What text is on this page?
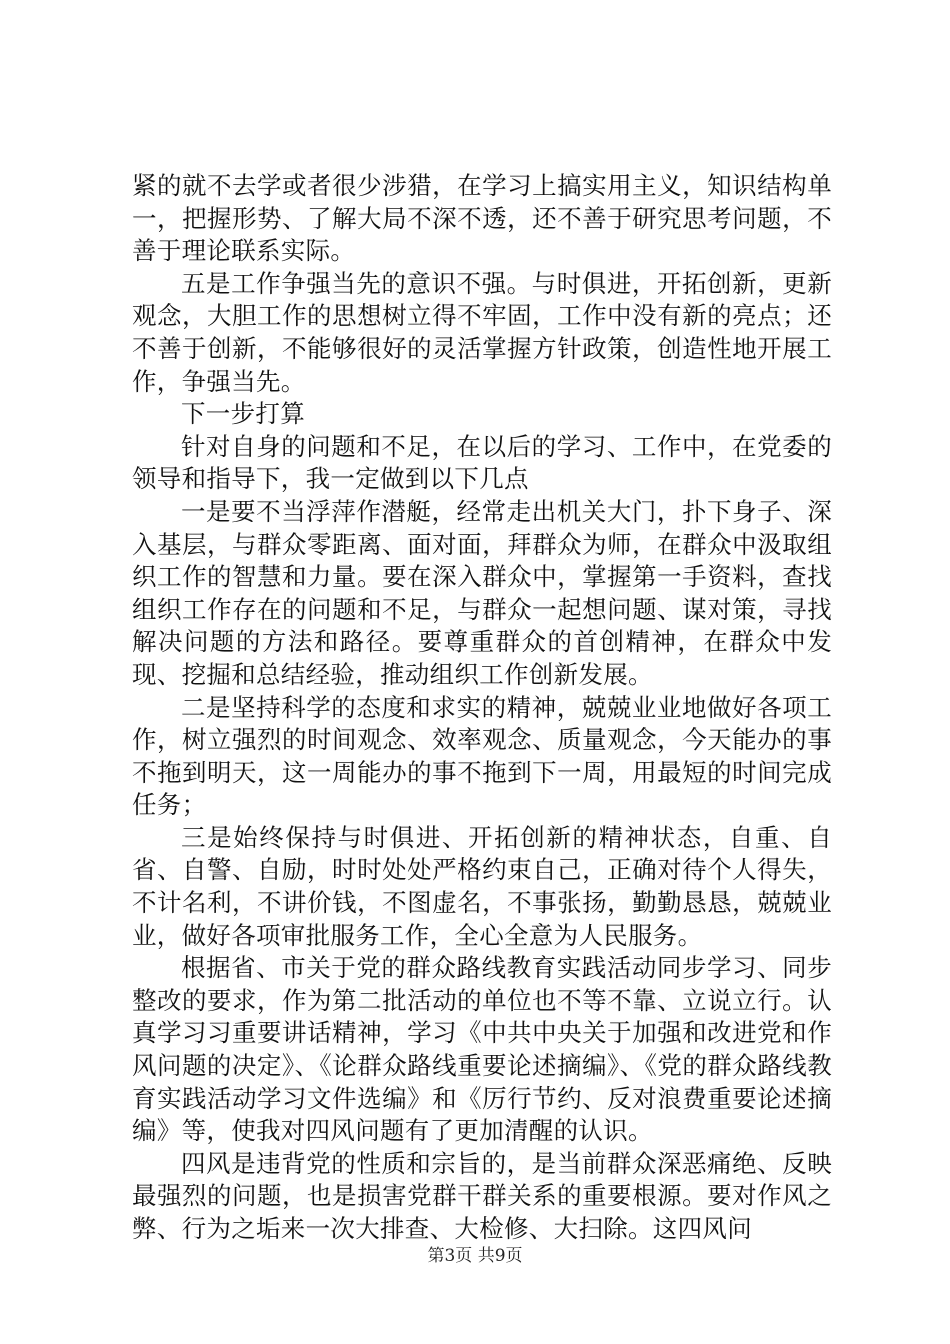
紧的就不去学或者很少涉猎，在学习上搞实用主义，知识结构单一，把握形势、了解大局不深不透，还不善于研究思考问题，不善于理论联系实际。

五是工作争强当先的意识不强。与时俱进，开拓创新，更新观念，大胆工作的思想树立得不牢固，工作中没有新的亮点；还不善于创新，不能够很好的灵活掌握方针政策，创造性地开展工作，争强当先。

下一步打算

针对自身的问题和不足，在以后的学习、工作中，在党委的领导和指导下，我一定做到以下几点

一是要不当浮萍作潜艇，经常走出机关大门，扑下身子、深入基层，与群众零距离、面对面，拜群众为师，在群众中汲取组织工作的智慧和力量。要在深入群众中，掌握第一手资料，查找组织工作存在的问题和不足，与群众一起想问题、谋对策，寻找解决问题的方法和路径。要尊重群众的首创精神，在群众中发现、挖掘和总结经验，推动组织工作创新发展。

二是坚持科学的态度和求实的精神，兢兢业业地做好各项工作，树立强烈的时间观念、效率观念、质量观念，今天能办的事不拖到明天，这一周能办的事不拖到下一周，用最短的时间完成任务；

三是始终保持与时俱进、开拓创新的精神状态，自重、自省、自警、自励，时时处处严格约束自己，正确对待个人得失，不计名利，不讲价钱，不图虚名，不事张扬，勤勤恳恳，兢兢业业，做好各项审批服务工作，全心全意为人民服务。

根据省、市关于党的群众路线教育实践活动同步学习、同步整改的要求，作为第二批活动的单位也不等不靠、立说立行。认真学习习重要讲话精神，学习《中共中央关于加强和改进党和作风问题的决定》、《论群众路线重要论述摘编》、《党的群众路线教育实践活动学习文件选编》和《厉行节约、反对浪费重要论述摘编》等，使我对四风问题有了更加清醒的认识。

四风是违背党的性质和宗旨的，是当前群众深恶痛绝、反映最强烈的问题，也是损害党群干群关系的重要根源。要对作风之弊、行为之垢来一次大排查、大检修、大扫除。这四风问

第3页 共9页
